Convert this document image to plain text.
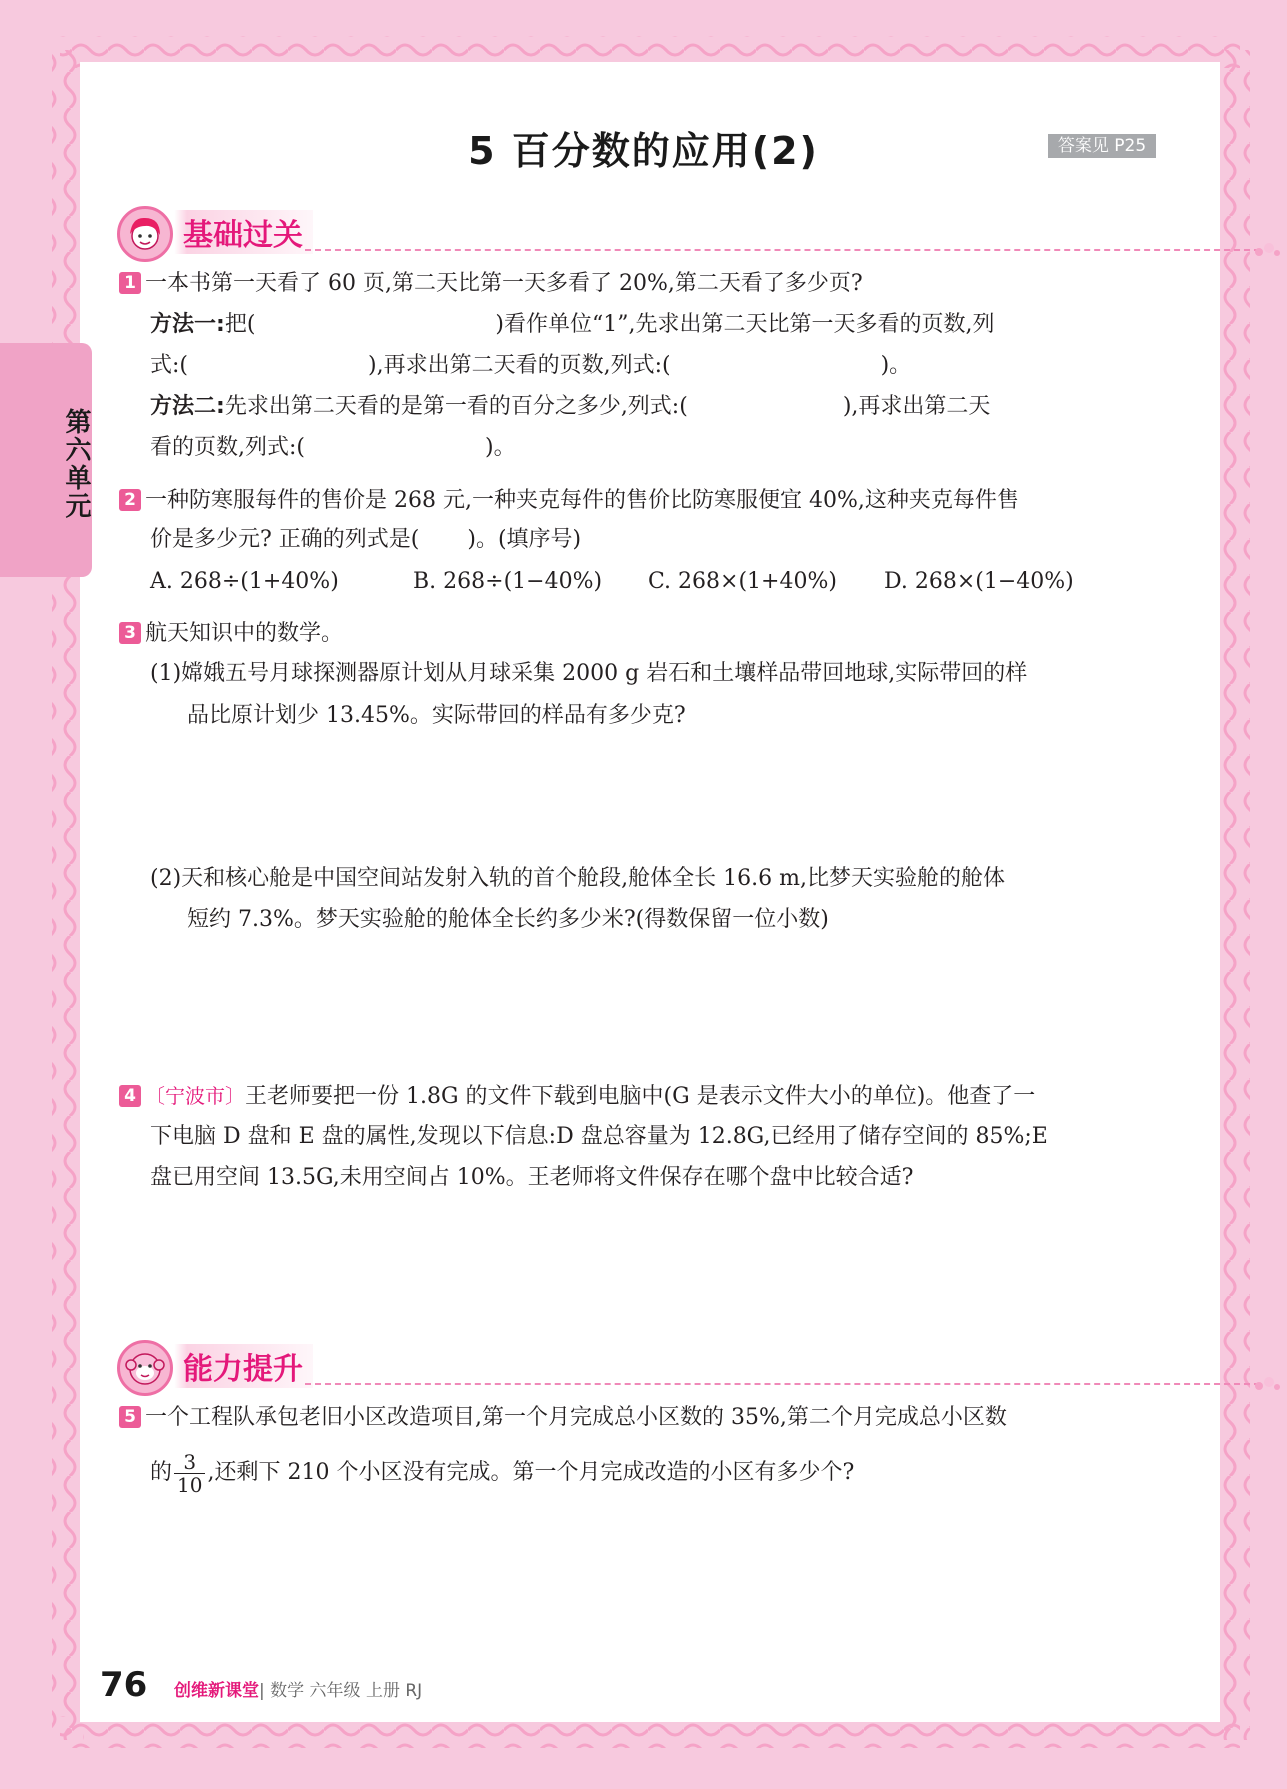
第六单元
5 百分数的应用(2)	答案见 P25
基础过关
1 一本书第一天看了 60 页,第二天比第一天多看了 20%,第二天看了多少页?
方法一:把(	)看作单位“1”,先求出第二天比第一天多看的页数,列
式:(	),再求出第二天看的页数,列式:(	)。
方法二:先求出第二天看的是第一看的百分之多少,列式:(	),再求出第二天
看的页数,列式:(	)。
2 一种防寒服每件的售价是 268 元,一种夹克每件的售价比防寒服便宜 40%,这种夹克每件售
价是多少元? 正确的列式是( )。(填序号)
A. 268÷(1+40%)	B. 268÷(1−40%) C. 268×(1+40%) D. 268×(1−40%)
3 航天知识中的数学。
(1)嫦娥五号月球探测器原计划从月球采集 2000 g 岩石和土壤样品带回地球,实际带回的样
品比原计划少 13.45%。实际带回的样品有多少克?
(2)天和核心舱是中国空间站发射入轨的首个舱段,舱体全长 16.6 m,比梦天实验舱的舱体
短约 7.3%。梦天实验舱的舱体全长约多少米?(得数保留一位小数)
4 〔宁波市〕王老师要把一份 1.8G 的文件下载到电脑中(G 是表示文件大小的单位)。他查了一
下电脑 D 盘和 E 盘的属性,发现以下信息:D 盘总容量为 12.8G,已经用了储存空间的 85%;E
盘已用空间 13.5G,未用空间占 10%。王老师将文件保存在哪个盘中比较合适?
能力提升
5 一个工程队承包老旧小区改造项目,第一个月完成总小区数的 35%,第二个月完成总小区数
的 $\frac{3}{10}$ ,还剩下 210 个小区没有完成。第一个月完成改造的小区有多少个?
76 创维新课堂| 数学 六年级 上册 RJ
